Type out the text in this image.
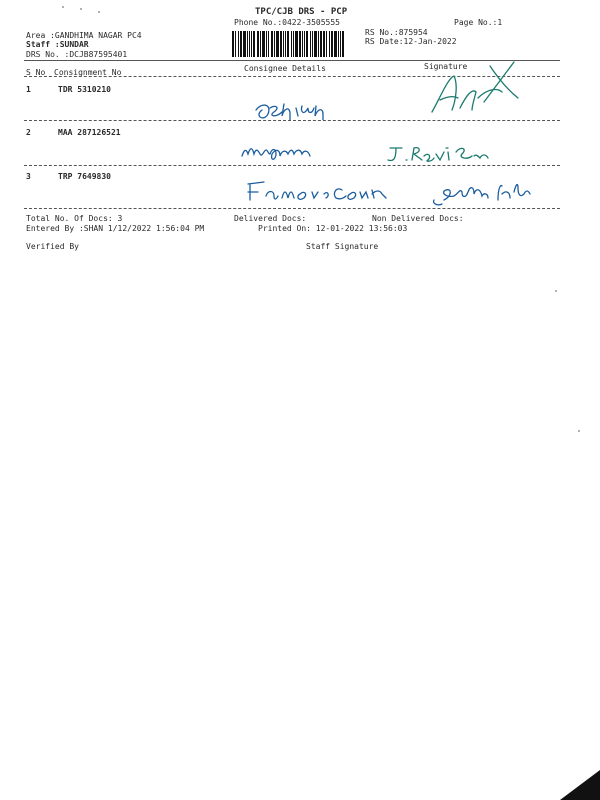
TPC/CJB DRS - PCP
Phone No.:0422-3505555	Page No.:1
Area :GANDHIMA NAGAR PC4
Staff :SUNDAR
DRS No. :DCJB87595401
RS No.:875954
RS Date:12-Jan-2022
Signature
Consignee Details
S No Consignment No
1	TDR 5310210
2	MAA 287126521
3	TRP 7649830
Total No. Of Docs: 3	Delivered Docs:	Non Delivered Docs:
Entered By :SHAN 1/12/2022 1:56:04 PM	Printed On: 12-01-2022 13:56:03
Verified By	Staff Signature
